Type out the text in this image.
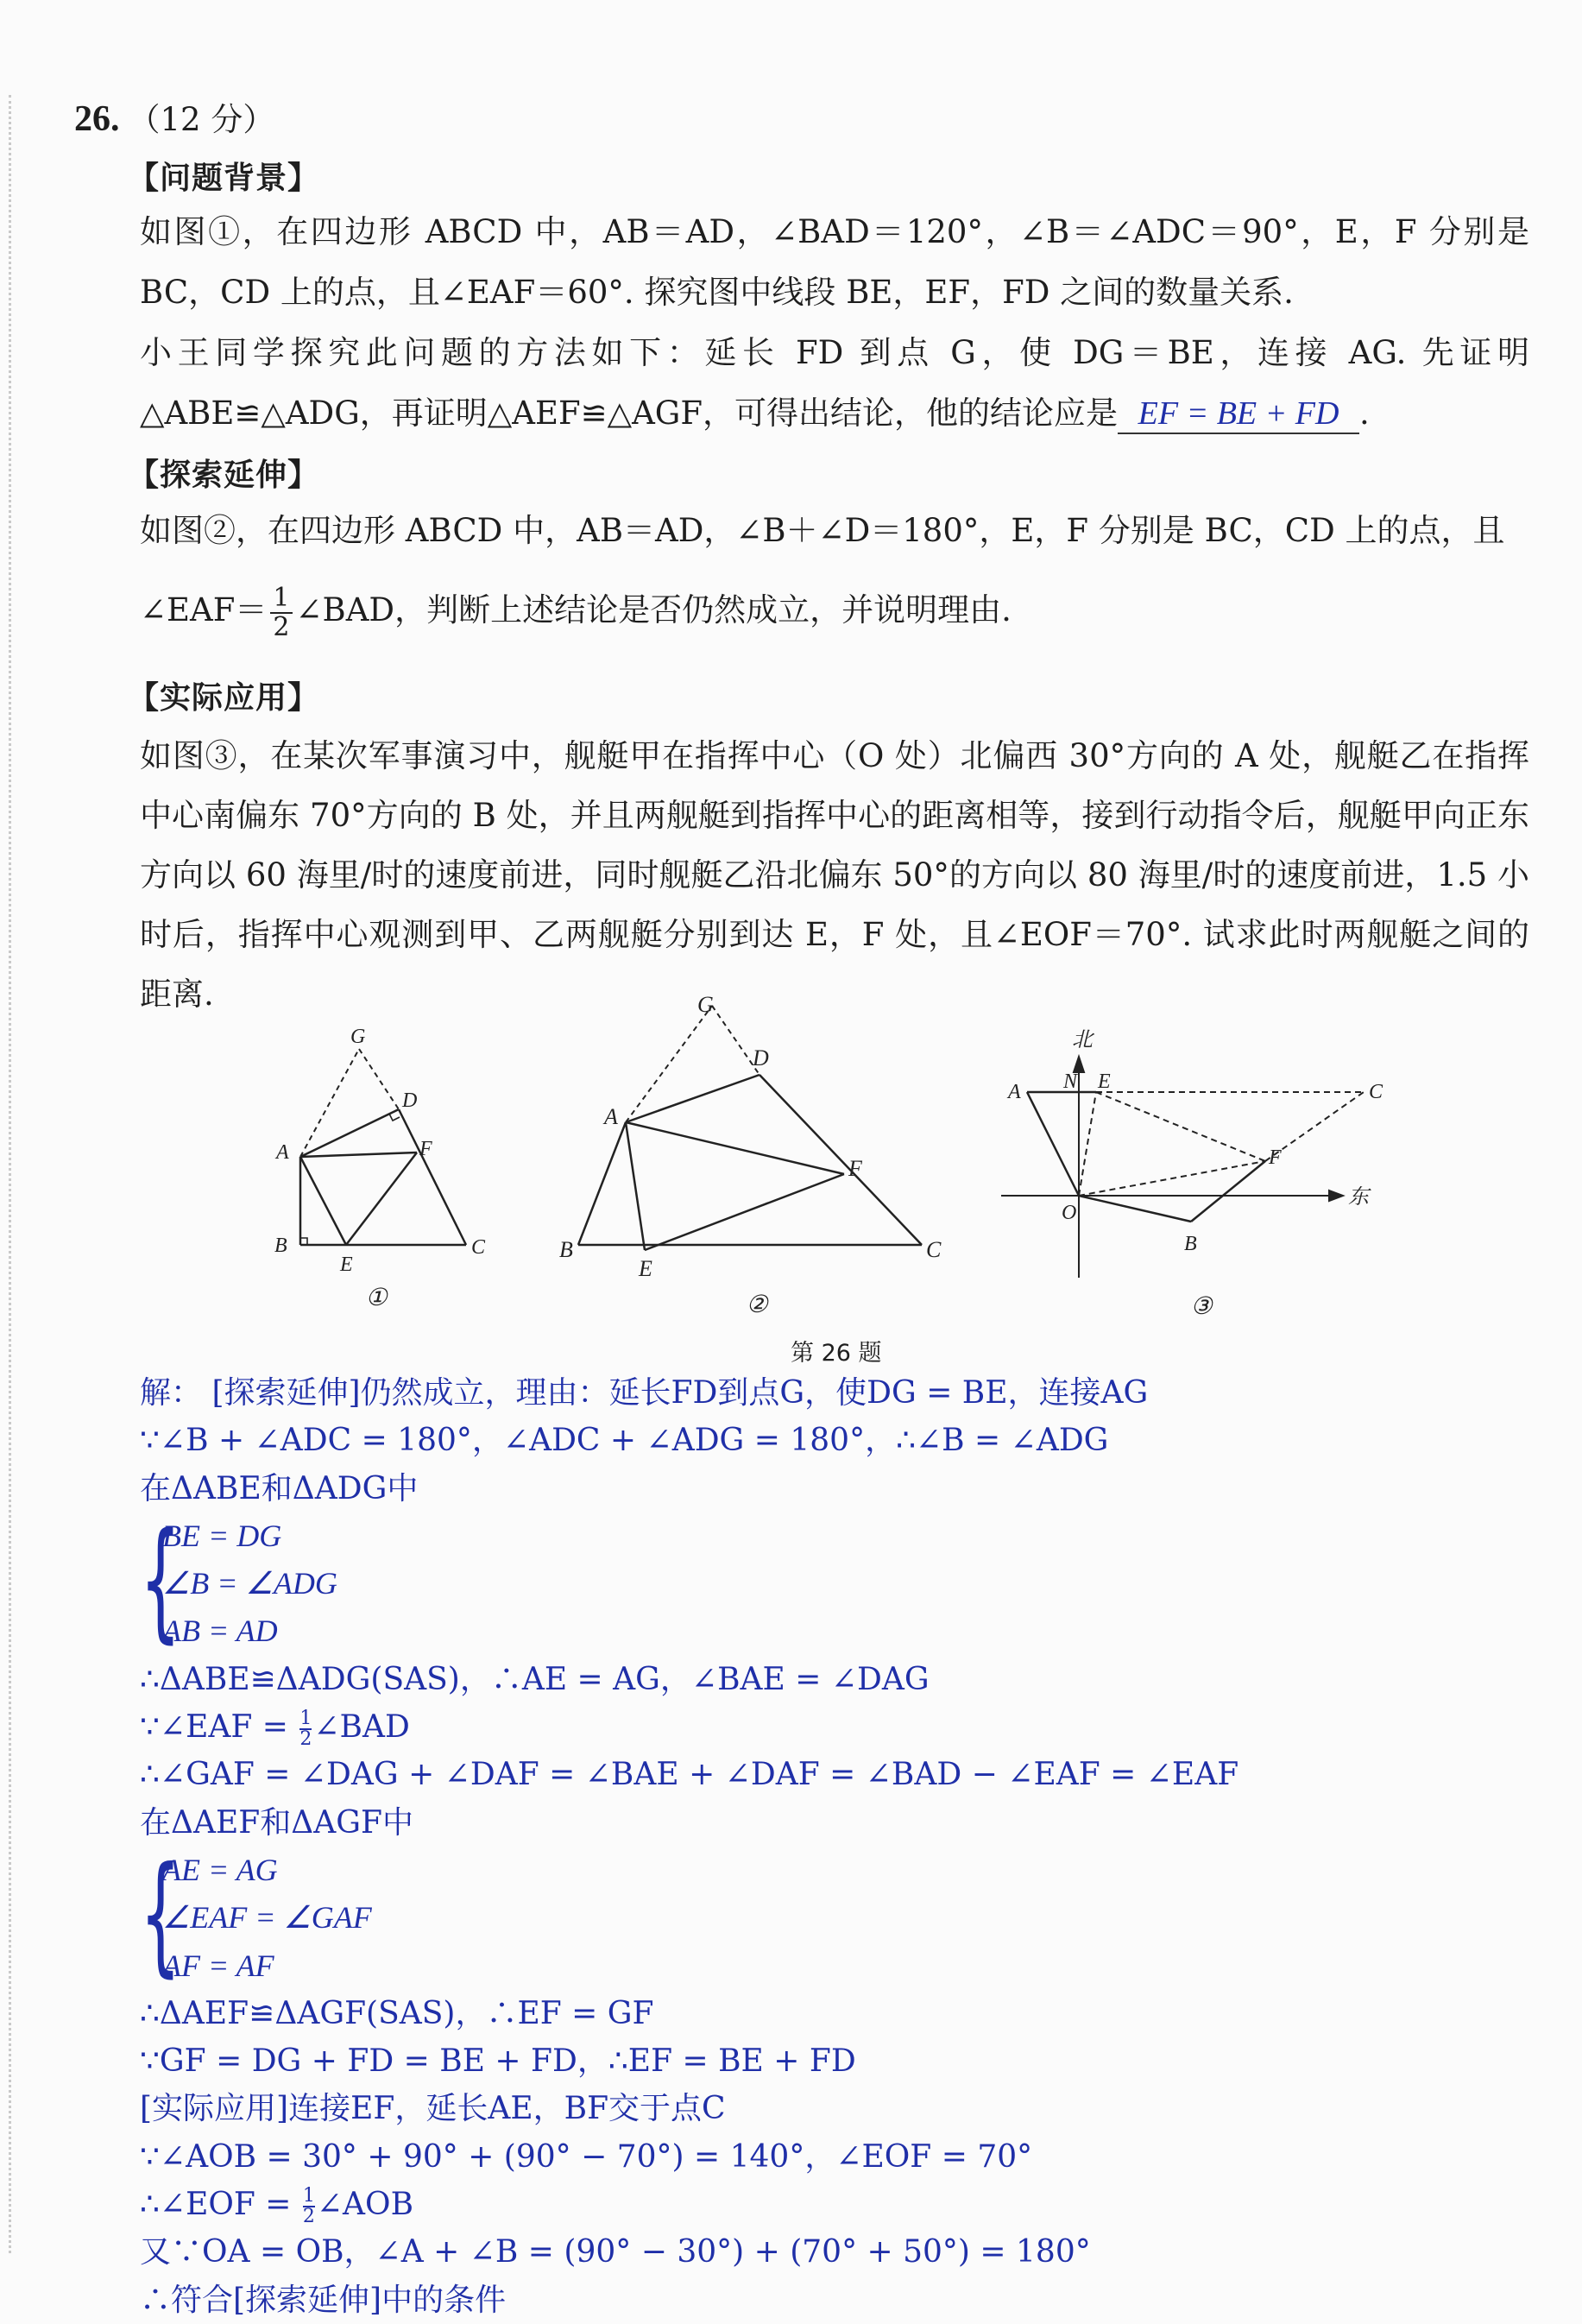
26. （12 分）
【问题背景】
如图①，在四边形 ABCD 中，AB＝AD，∠BAD＝120°，∠B＝∠ADC＝90°，E，F 分别是 BC，CD 上的点，且∠EAF＝60°. 探究图中线段 BE，EF，FD 之间的数量关系.
小王同学探究此问题的方法如下：延长 FD 到点 G，使 DG＝BE，连接 AG. 先证明△ABE≌△ADG，再证明△AEF≌△AGF，可得出结论，他的结论应是 EF = BE + FD .
【探索延伸】
如图②，在四边形 ABCD 中，AB＝AD，∠B＋∠D＝180°，E，F 分别是 BC，CD 上的点，且
∠EAF＝ $\frac{1}{2}$ ∠BAD，判断上述结论是否仍然成立，并说明理由.
【实际应用】
如图③，在某次军事演习中，舰艇甲在指挥中心（O 处）北偏西 30°方向的 A 处，舰艇乙在指挥中心南偏东 70°方向的 B 处，并且两舰艇到指挥中心的距离相等，接到行动指令后，舰艇甲向正东方向以 60 海里/时的速度前进，同时舰艇乙沿北偏东 50°的方向以 80 海里/时的速度前进，1.5 小时后，指挥中心观测到甲、乙两舰艇分别到达 E，F 处，且∠EOF＝70°. 试求此时两舰艇之间的距离.
G
D
A	F
B
E
C
①
G
D
A
F
B
E
C
②
北
东
A N E	C
F
O
B
③
第 26 题
解： [探索延伸]仍然成立，理由：延长FD到点G，使DG = BE，连接AG
∵∠B + ∠ADC = 180°，∠ADC + ∠ADG = 180°，∴∠B = ∠ADG
在ΔABE和ΔADG中
{
BE = DG
∠B = ∠ADG
AB = AD
∴ΔABE≌ΔADG(SAS)，∴AE = AG，∠BAE = ∠DAG
∵∠EAF = $\frac{1}{2}$ ∠BAD
∴∠GAF = ∠DAG + ∠DAF = ∠BAE + ∠DAF = ∠BAD − ∠EAF = ∠EAF
在ΔAEF和ΔAGF中
{
AE = AG
∠EAF = ∠GAF
AF = AF
∴ΔAEF≌ΔAGF(SAS)，∴EF = GF
∵GF = DG + FD = BE + FD，∴EF = BE + FD
[实际应用]连接EF，延长AE，BF交于点C
∵∠AOB = 30° + 90° + (90° − 70°) = 140°，∠EOF = 70°
∴∠EOF = $\frac{1}{2}$ ∠AOB
又∵OA = OB，∠A + ∠B = (90° − 30°) + (70° + 50°) = 180°
∴符合[探索延伸]中的条件
